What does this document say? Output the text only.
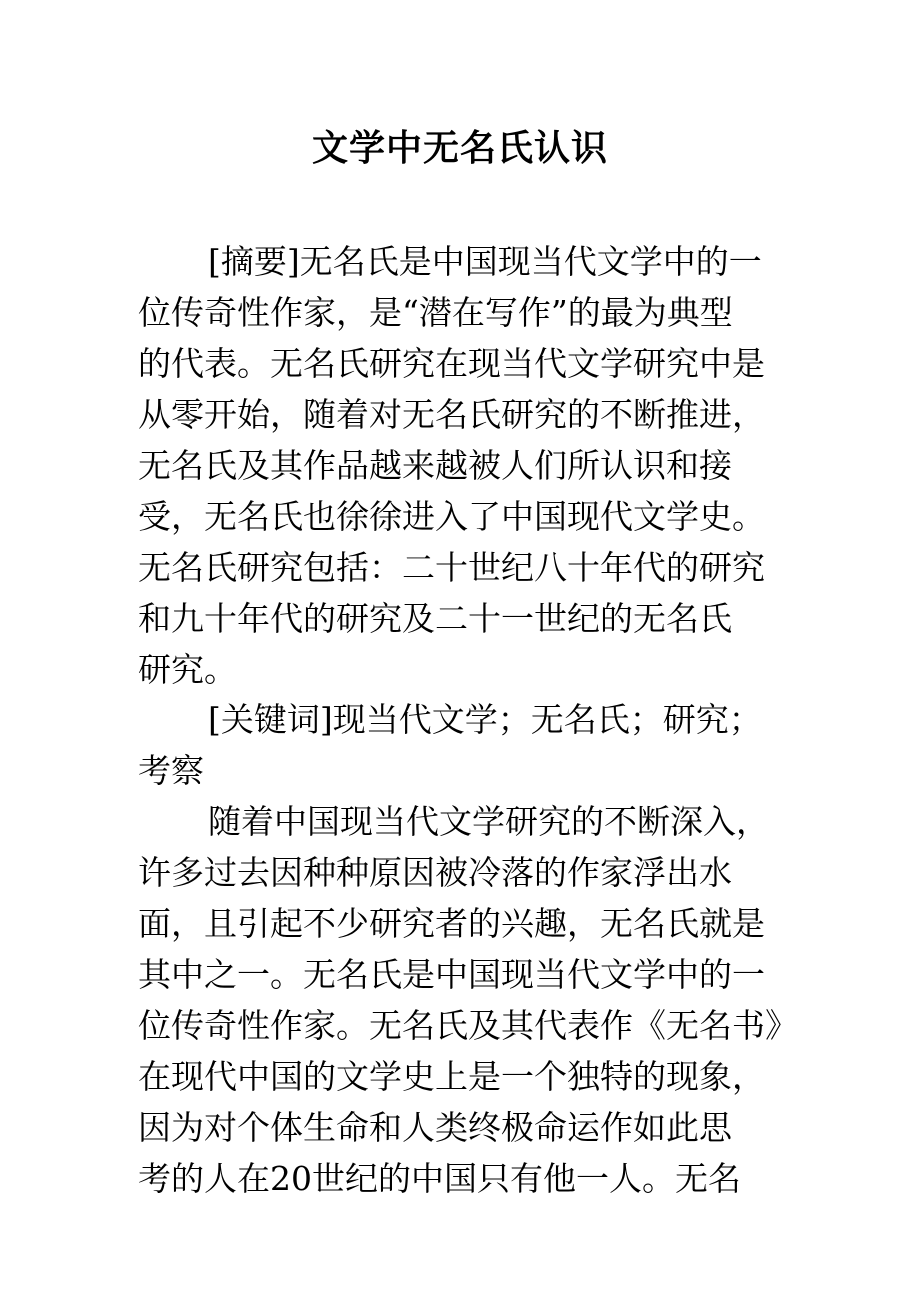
文学中无名氏认识

[摘要]无名氏是中国现当代文学中的一

位传奇性作家，是“潜在写作”的最为典型

的代表。无名氏研究在现当代文学研究中是

从零开始，随着对无名氏研究的不断推进，

无名氏及其作品越来越被人们所认识和接

受，无名氏也徐徐进入了中国现代文学史。

无名氏研究包括：二十世纪八十年代的研究

和九十年代的研究及二十一世纪的无名氏

研究。

[关键词]现当代文学；无名氏；研究；

考察

随着中国现当代文学研究的不断深入，

许多过去因种种原因被冷落的作家浮出水

面，且引起不少研究者的兴趣，无名氏就是

其中之一。无名氏是中国现当代文学中的一

位传奇性作家。无名氏及其代表作《无名书》

在现代中国的文学史上是一个独特的现象，

因为对个体生命和人类终极命运作如此思

考的人在20世纪的中国只有他一人。无名
